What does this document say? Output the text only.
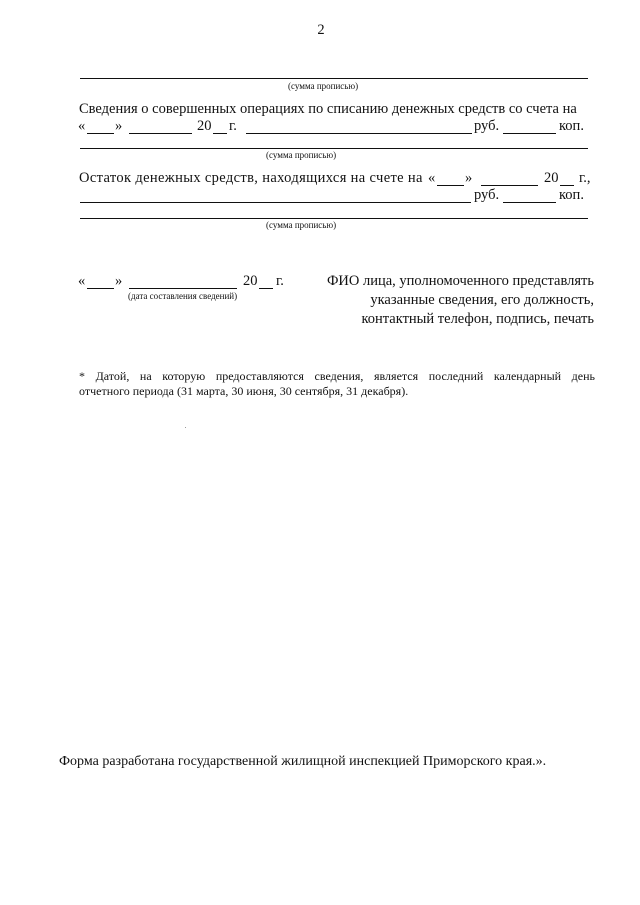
2
(сумма прописью)
Сведения о совершенных операциях по списанию денежных средств со счета на
« »	20 г.	руб.	коп.
(сумма прописью)
Остаток денежных средств, находящихся на счете на « »	20 г.,
руб.	коп.
(сумма прописью)
« »	20 г.
(дата составления сведений)
ФИО лица, уполномоченного представлять
указанные сведения, его должность,
контактный телефон, подпись, печать
* Датой, на которую предоставляются сведения, является последний календарный день
отчетного периода (31 марта, 30 июня, 30 сентября, 31 декабря).
Форма разработана государственной жилищной инспекцией Приморского края.».
